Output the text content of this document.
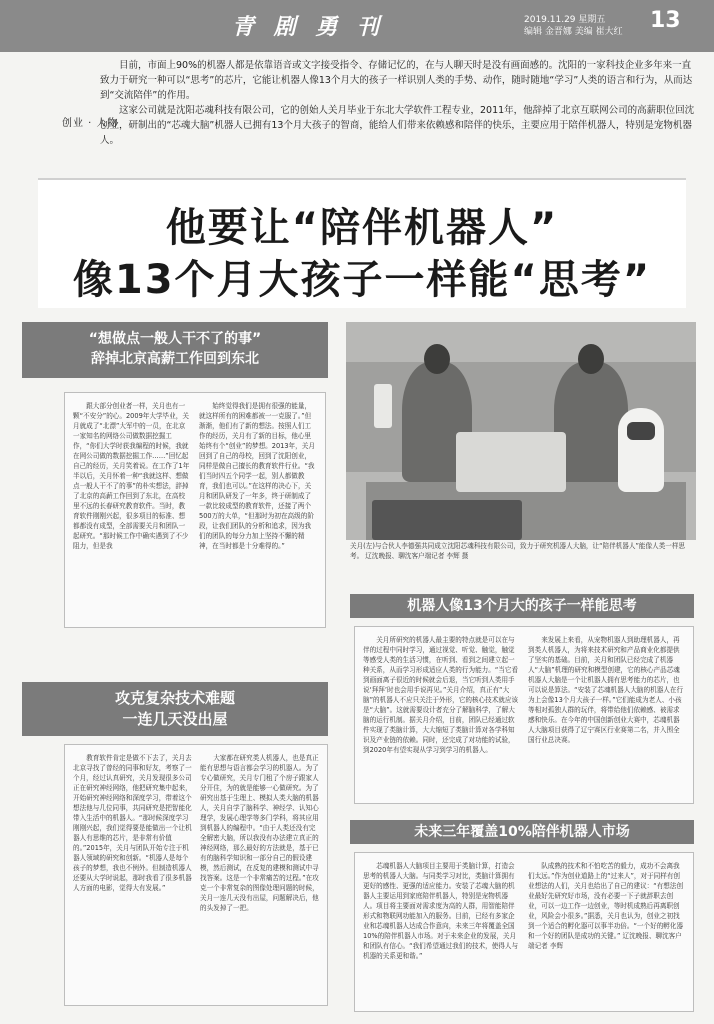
青 剧 勇 刊	2019.11.29 星期五
编辑 金晋娜 美编 崔大红	13
创业 · 人物

目前，市面上90%的机器人都是依靠语音或文字接受指令、存储记忆的，在与人聊天时是没有画面感的。沈阳的一家科技企业多年来一直致力于研究一种可以“思考”的芯片，它能让机器人像13个月大的孩子一样识别人类的手势、动作，随时随地“学习”人类的语言和行为，从而达到“交流陪伴”的作用。

这家公司就是沈阳芯魂科技有限公司，它的创始人关月毕业于东北大学软件工程专业，2011年，他辞掉了北京互联网公司的高薪职位回沈创业，研制出的“芯魂大脑”机器人已拥有13个月大孩子的智商，能给人们带来依赖感和陪伴的快乐，主要应用于陪伴机器人，特别是宠物机器人。

他要让“陪伴机器人”
像13个月大孩子一样能“思考”
“想做点一般人干不了的事”
辞掉北京高薪工作回到东北

跟大部分创业者一样，关月也有一颗“不安分”的心。2009年大学毕业，关月就成了“北漂”大军中的一员，在北京一家知名的网络公司做数据挖掘工作，“你们大学时获我编程的时候，我就在网公司做的数据挖掘工作……”回忆起自己的经历，关月笑着说。在工作了1年半以后，关月怀着一种“我就这样、想做点一般人干不了的事”的朴实想法，辞掉了北京的高薪工作回到了东北，在高校里不远的长春研究教育软件。当时，教育软件刚刚兴起，很多项目的标准、想都都没有成型，全部需要关月和团队一起研究。“那时候工作中确实遇到了不少阻力，但是我

始终觉得我们是拥有很强的能量，就这样所有的困难都被一一克服了。”但渐渐，他们有了新的想法。按照人们工作的经历，关月有了新的目标，他心里始终有个“创业”的梦想。2013年，关月回到了自己的母校，回到了沈阳创业，同样是做自己擅长的教育软件行业。“我们当时四五个同学一起，别人都做教育，我们也可以。”在这样的决心下，关月和团队研发了一年多，终于研制成了一款比较成型的教育软件，还接了两个500万的大单，“但那时为初在高级的阶段，让我们团队的分析和追求，因为我们的团队的每分力加上坚持不懈的精神，在当时都是十分难得的。”

攻克复杂技术难题
一连几天没出屋

教育软件肯定是做不下去了，关月去北京寻找了曾经的同事和好友，考察了一个月，经过认真研究，关月发现很多公司正在研究神经网络，他把研究集中起来，开始研究神经网络和深度学习，带着这个想法他与几位同事，共同研究是把智能化带入生活中的机器人。“那时候深度学习刚刚兴起，我们觉得要是能做出一个让机器人有思维的芯片，是非常有价值的。”2015年，关月与团队开始专注于机器人领域的研究和创新。“机器人是每个孩子的梦想，我也不例外。但制造机器人还要从大学时说起，那时我看了很多机器人方面的电影，觉得大有发展。”

大家都在研究类人机器人，也是真正能有思想与语言都会学习的机器人。为了专心做研究，关月专门租了个房子跟家人分开住，为的就是能够一心做研究。为了研究出基于生理上、模拟人类大脑的机器人，关月自学了脑科学、神经学、认知心理学，发展心理学等多门学科，将其应用到机器人的编程中。“由于人类还没有完全解密大脑，所以我没有办法建立真正的神经网络，那么最好的方法就是，基于已有的脑科学知识和一部分自己的假设建模，然后测试，在反复的建模和测试中寻找答案。这是一个非常痛苦的过程。”在攻克一个非常复杂的图像处理问题的时候，关月一连几天没有出屋，问题解决后，他的头发掉了一把。

关月(左)与合伙人李德强共同成立沈阳芯魂科技有限公司，致力于研究机器人大脑，让“陪伴机器人”能像人类一样思考。 辽沈晚报、聊沈客户端记者 李辉 摄
机器人像13个月大的孩子一样能思考

关月所研究的机器人最主要的特点就是可以在与伴的过程中同时学习，通过视觉、听觉、触觉，触觉等感受人类的生活习惯，在听到、看到之间建立起一种关系，从而学习形成适应人类的行为能力。“当它看到画面离子很近的时候就会后退，当它听到人类用手说‘拜拜’时也会用手说再见。”关月介绍，真正有“大脑”的机器人不应只关注于外形，它的核心技术就应该是“大脑”。这就需要设计者充分了解脑科学，了解大脑的运行机制。据关月介绍，目前，团队已经通过软件实现了类脑计算，大大缩短了类脑计算对各学科知识及产业链的依赖。同时，还完成了对功能的试验，到2020年有望实现从学习到学习的机器人。

来发展上来看，从宠物机器人到助理机器人，再到类人机器人，为将来技术研究和产品商业化都提供了坚实的基础。目前，关月和团队已经完成了机器人“大脑”机理的研究和模型创建，它的核心产品芯魂机器人大脑是一个让机器人拥有思考能力的芯片，也可以说是算法。“安装了芯魂机器人大脑的机器人在行为上会像13个月大孩子一样。”它们能成为老人、小孩等相对孤独人群的玩伴，将带给他们依赖感、被需求感和快乐。在今年的中国创新创业大赛中，芯魂机器人大脑项目获得了辽宁赛区行业赛第二名，并入围全国行业总决赛。

未来三年覆盖10%陪伴机器人市场

芯魂机器人大脑项目主要用于类脑计算，打造会思考的机器人大脑。与同类学习对比，类脑计算拥有更好的感性、更强的适应能力。安装了芯魂大脑的机器人主要运用到家庭陪伴机器人，特别是宠物机器人。项目将主要面对需求度为高的人群，用智能陪伴形式和物联网功能加入的服务。目前，已经有多家企业和芯魂机器人达成合作意向，未来三年将覆盖全国10%的陪伴机器人市场。对于未来企业的发展，关月和团队有信心。“我们希望通过我们的技术，使得人与机器的关系更和谐。”

队成熟的技术和不怕吃苦的毅力，成功不会离我们太远。”作为创业道路上的“过来人”，对于同样有创业想法的人们，关月也给出了自己的建议：“有想法创业最好先研究好市场，没有必要一下子就辞职去创业，可以一边工作一边创业，等时机成熟后再离职创业，风险会小很多。”据悉，关月也认为，创业之初找到一个适合的孵化器可以事半功倍。“一个好的孵化器和一个好的团队是成功的关键。” 辽沈晚报、聊沈客户端记者 李辉
